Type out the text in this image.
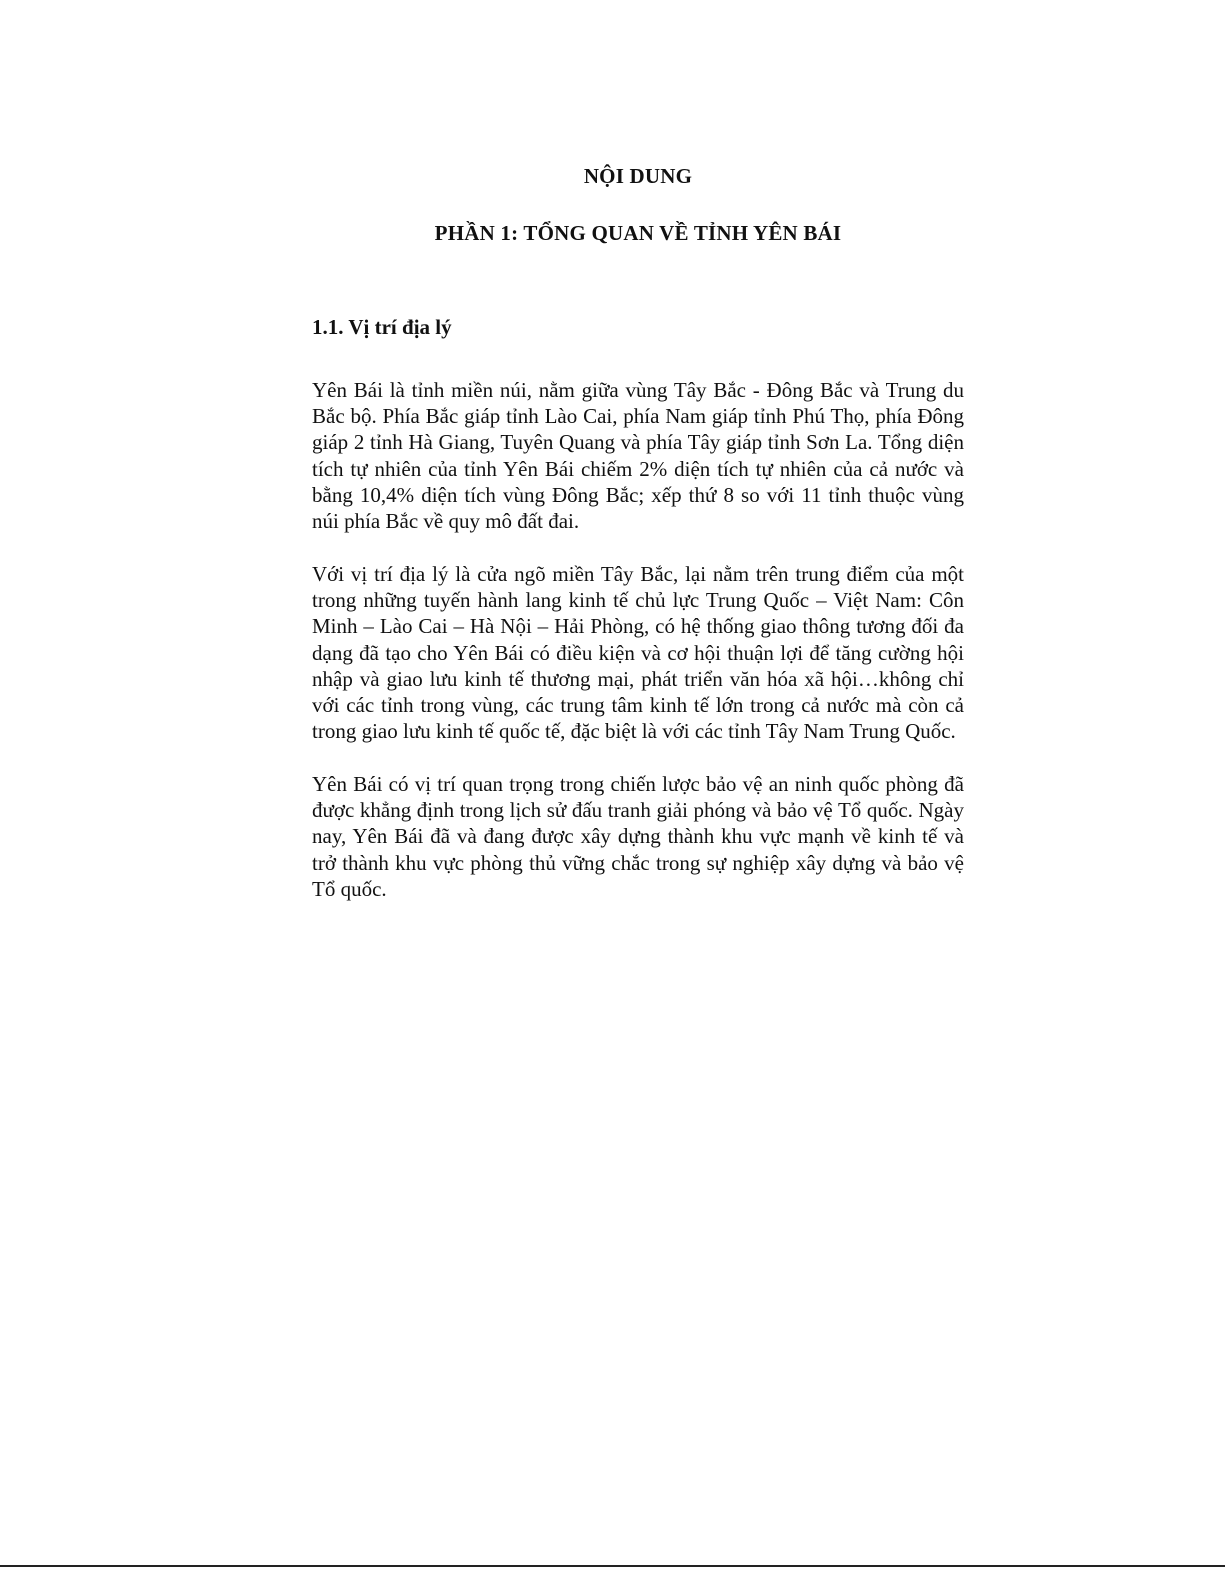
NỘI DUNG
PHẦN 1: TỔNG QUAN VỀ TỈNH YÊN BÁI
1.1. Vị trí địa lý

Yên Bái là tỉnh miền núi, nằm giữa vùng Tây Bắc - Đông Bắc và Trung du Bắc bộ. Phía Bắc giáp tỉnh Lào Cai, phía Nam giáp tỉnh Phú Thọ, phía Đông giáp 2 tỉnh Hà Giang, Tuyên Quang và phía Tây giáp tỉnh Sơn La. Tổng diện tích tự nhiên của tỉnh Yên Bái chiếm 2% diện tích tự nhiên của cả nước và bằng 10,4% diện tích vùng Đông Bắc; xếp thứ 8 so với 11 tỉnh thuộc vùng núi phía Bắc về quy mô đất đai.

Với vị trí địa lý là cửa ngõ miền Tây Bắc, lại nằm trên trung điểm của một trong những tuyến hành lang kinh tế chủ lực Trung Quốc – Việt Nam: Côn Minh – Lào Cai – Hà Nội – Hải Phòng, có hệ thống giao thông tương đối đa dạng đã tạo cho Yên Bái có điều kiện và cơ hội thuận lợi để tăng cường hội nhập và giao lưu kinh tế thương mại, phát triển văn hóa xã hội…không chỉ với các tỉnh trong vùng, các trung tâm kinh tế lớn trong cả nước mà còn cả trong giao lưu kinh tế quốc tế, đặc biệt là với các tỉnh Tây Nam Trung Quốc.

Yên Bái có vị trí quan trọng trong chiến lược bảo vệ an ninh quốc phòng đã được khẳng định trong lịch sử đấu tranh giải phóng và bảo vệ Tổ quốc. Ngày nay, Yên Bái đã và đang được xây dựng thành khu vực mạnh về kinh tế và trở thành khu vực phòng thủ vững chắc trong sự nghiệp xây dựng và bảo vệ Tổ quốc.
